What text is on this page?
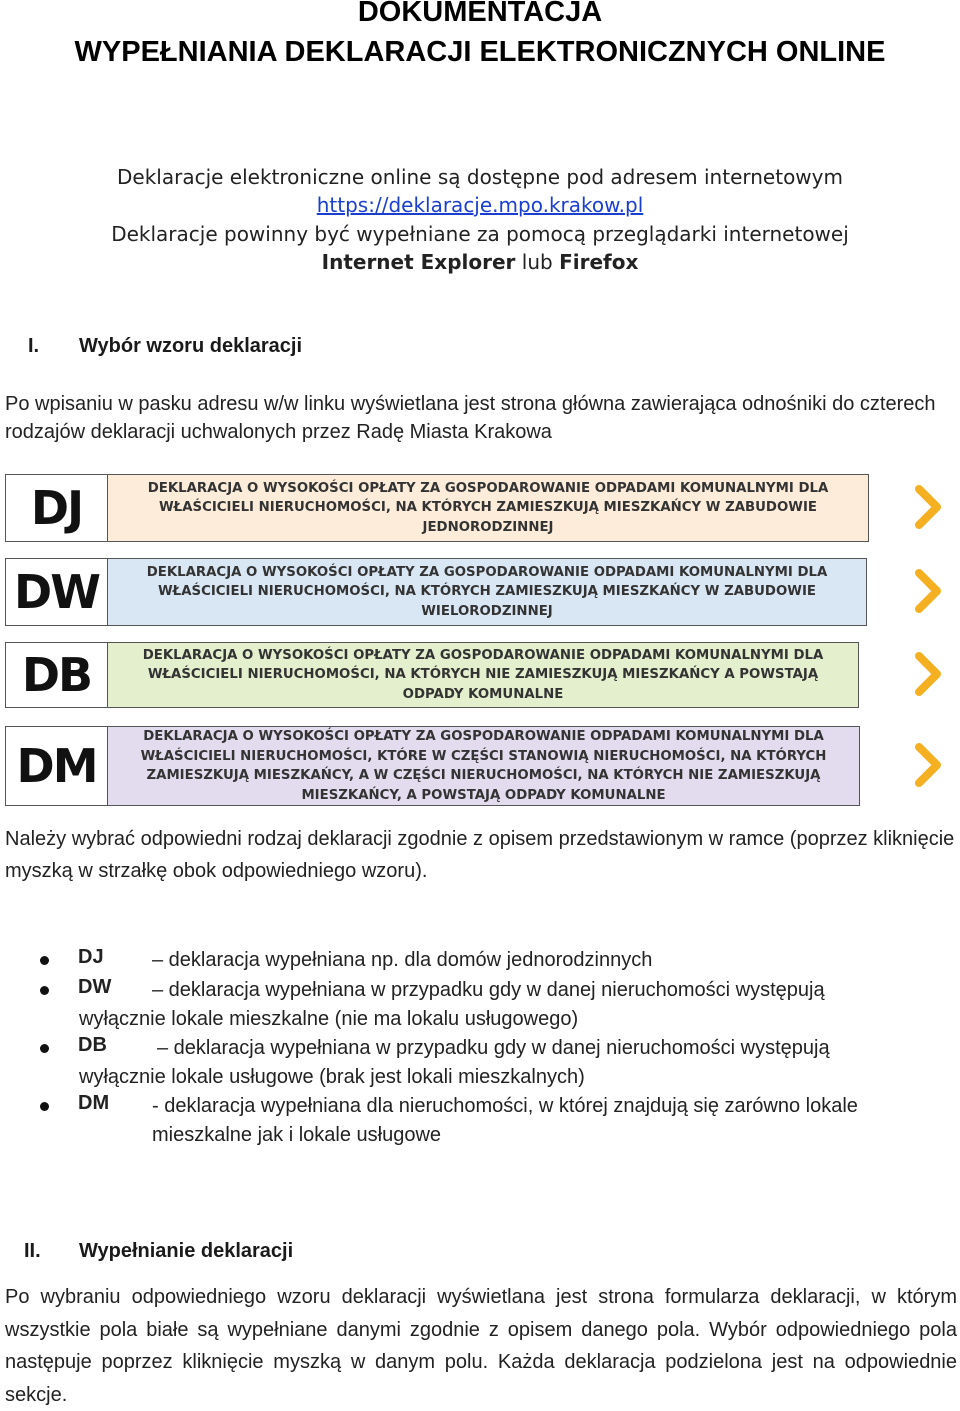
DOKUMENTACJA
WYPEŁNIANIA DEKLARACJI ELEKTRONICZNYCH ONLINE
Deklaracje elektroniczne online są dostępne pod adresem internetowym
https://deklaracje.mpo.krakow.pl
Deklaracje powinny być wypełniane za pomocą przeglądarki internetowej
Internet Explorer lub Firefox
I. Wybór wzoru deklaracji
Po wpisaniu w pasku adresu w/w linku wyświetlana jest strona główna zawierająca odnośniki do czterech rodzajów deklaracji uchwalonych przez Radę Miasta Krakowa
DJ	DEKLARACJA O WYSOKOŚCI OPŁATY ZA GOSPODAROWANIE ODPADAMI KOMUNALNYMI DLA
WŁAŚCICIELI NIERUCHOMOŚCI, NA KTÓRYCH ZAMIESZKUJĄ MIESZKAŃCY W ZABUDOWIE
JEDNORODZINNEJ
DW	DEKLARACJA O WYSOKOŚCI OPŁATY ZA GOSPODAROWANIE ODPADAMI KOMUNALNYMI DLA
WŁAŚCICIELI NIERUCHOMOŚCI, NA KTÓRYCH ZAMIESZKUJĄ MIESZKAŃCY W ZABUDOWIE
WIELORODZINNEJ
DB	DEKLARACJA O WYSOKOŚCI OPŁATY ZA GOSPODAROWANIE ODPADAMI KOMUNALNYMI DLA
WŁAŚCICIELI NIERUCHOMOŚCI, NA KTÓRYCH NIE ZAMIESZKUJĄ MIESZKAŃCY A POWSTAJĄ
ODPADY KOMUNALNE
DM
DEKLARACJA O WYSOKOŚCI OPŁATY ZA GOSPODAROWANIE ODPADAMI KOMUNALNYMI DLA
WŁAŚCICIELI NIERUCHOMOŚCI, KTÓRE W CZĘŚCI STANOWIĄ NIERUCHOMOŚCI, NA KTÓRYCH
ZAMIESZKUJĄ MIESZKAŃCY, A W CZĘŚCI NIERUCHOMOŚCI, NA KTÓRYCH NIE ZAMIESZKUJĄ
MIESZKAŃCY, A POWSTAJĄ ODPADY KOMUNALNE
Należy wybrać odpowiedni rodzaj deklaracji zgodnie z opisem przedstawionym w ramce (poprzez kliknięcie myszką w strzałkę obok odpowiedniego wzoru).
DJ – deklaracja wypełniana np. dla domów jednorodzinnych
DW – deklaracja wypełniana w przypadku gdy w danej nieruchomości występują
wyłącznie lokale mieszkalne (nie ma lokalu usługowego)
DB	– deklaracja wypełniana w przypadku gdy w danej nieruchomości występują
wyłącznie lokale usługowe (brak jest lokali mieszkalnych)
DM - deklaracja wypełniana dla nieruchomości, w której znajdują się zarówno lokale
mieszkalne jak i lokale usługowe
II. Wypełnianie deklaracji
Po wybraniu odpowiedniego wzoru deklaracji wyświetlana jest strona formularza deklaracji, w którym wszystkie pola białe są wypełniane danymi zgodnie z opisem danego pola. Wybór odpowiedniego pola następuje poprzez kliknięcie myszką w danym polu. Każda deklaracja podzielona jest na odpowiednie sekcje.
